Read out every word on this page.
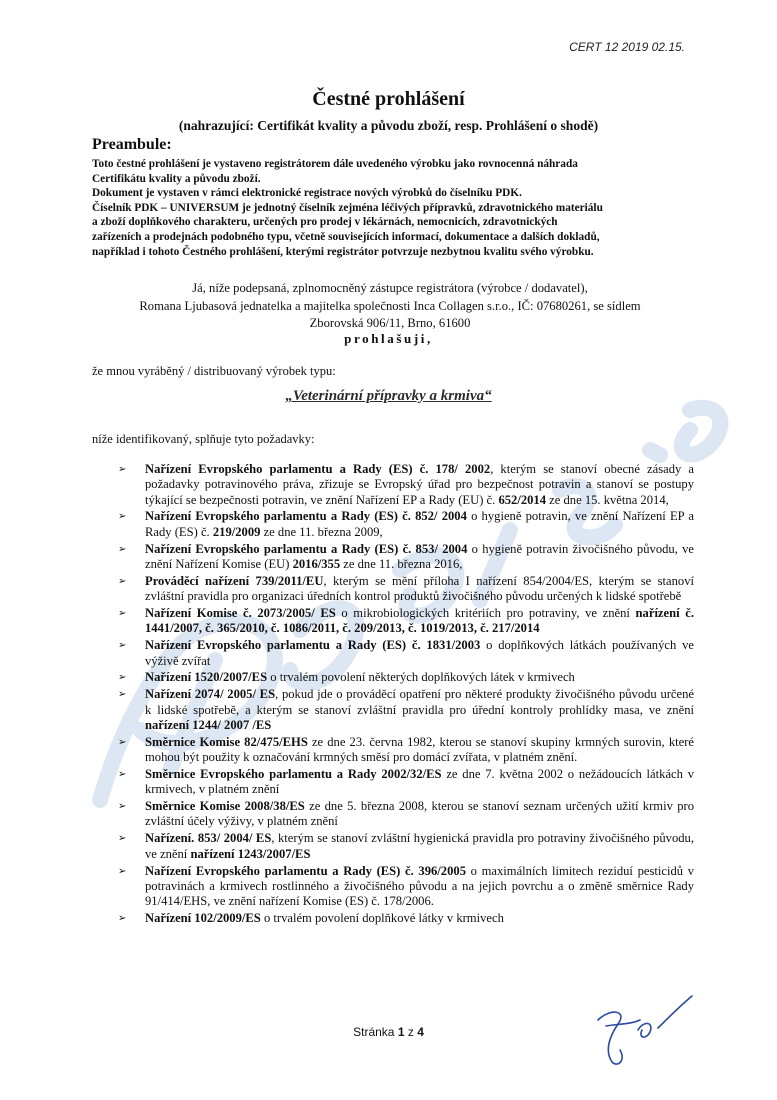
CERT 12 2019 02.15.
Čestné prohlášení
(nahrazující: Certifikát kvality a původu zboží, resp. Prohlášení o shodě)
Preambule:
Toto čestné prohlášení je vystaveno registrátorem dále uvedeného výrobku jako rovnocenná náhrada
Certifikátu kvality a původu zboží.
Dokument je vystaven v rámci elektronické registrace nových výrobků do číselníku PDK.
Číselník PDK – UNIVERSUM je jednotný číselník zejména léčivých přípravků, zdravotnického materiálu
a zboží doplňkového charakteru, určených pro prodej v lékárnách, nemocnicích, zdravotnických
zařízeních a prodejnách podobného typu, včetně souvisejících informací, dokumentace a dalších dokladů,
například i tohoto Čestného prohlášení, kterými registrátor potvrzuje nezbytnou kvalitu svého výrobku.
Já, níže podepsaná, zplnomocněný zástupce registrátora (výrobce / dodavatel),
Romana Ljubasová jednatelka a majitelka společnosti Inca Collagen s.r.o., IČ: 07680261, se sídlem
Zborovská 906/11, Brno, 61600
prohlašuji,
že mnou vyráběný / distribuovaný výrobek typu:
„Veterinární přípravky a krmiva“
níže identifikovaný, splňuje tyto požadavky:
➢ Nařízení Evropského parlamentu a Rady (ES) č. 178/ 2002, kterým se stanoví obecné zásady a požadavky potravinového práva, zřizuje se Evropský úřad pro bezpečnost potravin a stanoví se postupy týkající se bezpečnosti potravin, ve znění Nařízení EP a Rady (EU) č. 652/2014 ze dne 15. května 2014,
➢ Nařízení Evropského parlamentu a Rady (ES) č. 852/ 2004 o hygieně potravin, ve znění Nařízení EP a Rady (ES) č. 219/2009 ze dne 11. března 2009,
➢ Nařízení Evropského parlamentu a Rady (ES) č. 853/ 2004 o hygieně potravin živočišného původu, ve znění Nařízení Komise (EU) 2016/355 ze dne 11. března 2016,
➢ Prováděcí nařízení 739/2011/EU, kterým se mění příloha I nařízení 854/2004/ES, kterým se stanoví zvláštní pravidla pro organizaci úředních kontrol produktů živočišného původu určených k lidské spotřebě
➢ Nařízení Komise č. 2073/2005/ ES o mikrobiologických kritériích pro potraviny, ve znění nařízení č. 1441/2007, č. 365/2010, č. 1086/2011, č. 209/2013, č. 1019/2013, č. 217/2014
➢ Nařízení Evropského parlamentu a Rady (ES) č. 1831/2003 o doplňkových látkách používaných ve výživě zvířat
➢ Nařízení 1520/2007/ES o trvalém povolení některých doplňkových látek v krmivech
➢ Nařízení 2074/ 2005/ ES, pokud jde o prováděcí opatření pro některé produkty živočišného původu určené k lidské spotřebě, a kterým se stanoví zvláštní pravidla pro úřední kontroly prohlídky masa, ve znění nařízení 1244/ 2007 /ES
➢ Směrnice Komise 82/475/EHS ze dne 23. června 1982, kterou se stanoví skupiny krmných surovin, které mohou být použity k označování krmných směsí pro domácí zvířata, v platném znění.
➢ Směrnice Evropského parlamentu a Rady 2002/32/ES ze dne 7. května 2002 o nežádoucích látkách v krmivech, v platném znění
➢ Směrnice Komise 2008/38/ES ze dne 5. března 2008, kterou se stanoví seznam určených užití krmiv pro zvláštní účely výživy, v platném znění
➢ Nařízení. 853/ 2004/ ES, kterým se stanoví zvláštní hygienická pravidla pro potraviny živočišného původu, ve znění nařízení 1243/2007/ES
➢ Nařízení Evropského parlamentu a Rady (ES) č. 396/2005 o maximálních limitech reziduí pesticidů v potravinách a krmivech rostlinného a živočišného původu a na jejich povrchu a o změně směrnice Rady 91/414/EHS, ve znění nařízení Komise (ES) č. 178/2006.
➢ Nařízení 102/2009/ES o trvalém povolení doplňkové látky v krmivech
Stránka 1 z 4
